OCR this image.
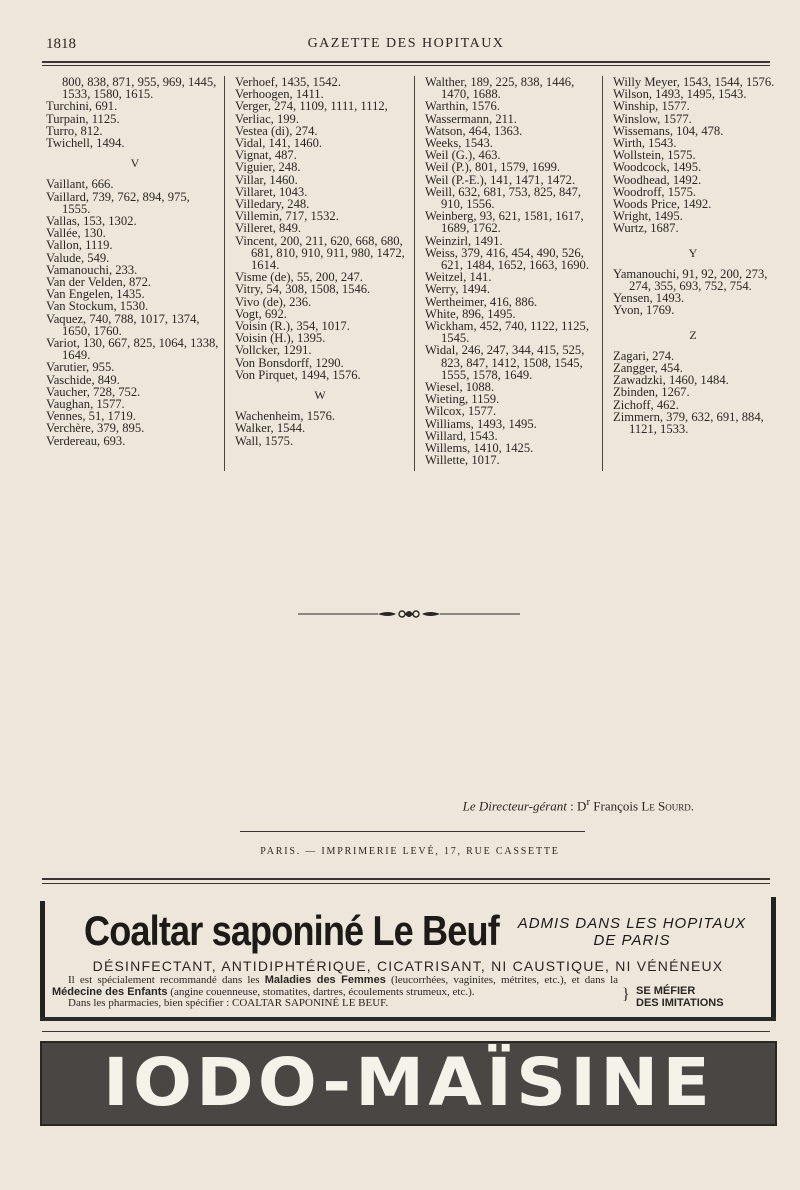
1818	GAZETTE DES HOPITAUX
800, 838, 871, 955, 969, 1445,
1533, 1580, 1615.
Turchini, 691.
Turpain, 1125.
Turro, 812.
Twichell, 1494.
V
Vaillant, 666.
Vaillard, 739, 762, 894, 975,
1555.
Vallas, 153, 1302.
Vallée, 130.
Vallon, 1119.
Valude, 549.
Vamanouchi, 233.
Van der Velden, 872.
Van Engelen, 1435.
Van Stockum, 1530.
Vaquez, 740, 788, 1017, 1374,
1650, 1760.
Variot, 130, 667, 825, 1064, 1338,
1649.
Varutier, 955.
Vaschide, 849.
Vaucher, 728, 752.
Vaughan, 1577.
Vennes, 51, 1719.
Verchère, 379, 895.
Verdereau, 693.
Verhoef, 1435, 1542.
Verhoogen, 1411.
Verger, 274, 1109, 1111, 1112,
Verliac, 199.
Vestea (di), 274.
Vidal, 141, 1460.
Vignat, 487.
Viguier, 248.
Villar, 1460.
Villaret, 1043.
Villedary, 248.
Villemin, 717, 1532.
Villeret, 849.
Vincent, 200, 211, 620, 668, 680,
681, 810, 910, 911, 980, 1472,
1614.
Visme (de), 55, 200, 247.
Vitry, 54, 308, 1508, 1546.
Vivo (de), 236.
Vogt, 692.
Voisin (R.), 354, 1017.
Voisin (H.), 1395.
Vollcker, 1291.
Von Bonsdorff, 1290.
Von Pirquet, 1494, 1576.
W
Wachenheim, 1576.
Walker, 1544.
Wall, 1575.
Walther, 189, 225, 838, 1446,
1470, 1688.
Warthin, 1576.
Wassermann, 211.
Watson, 464, 1363.
Weeks, 1543.
Weil (G.), 463.
Weil (P.), 801, 1579, 1699.
Weil (P.-E.), 141, 1471, 1472.
Weill, 632, 681, 753, 825, 847,
910, 1556.
Weinberg, 93, 621, 1581, 1617,
1689, 1762.
Weinzirl, 1491.
Weiss, 379, 416, 454, 490, 526,
621, 1484, 1652, 1663, 1690.
Weitzel, 141.
Werry, 1494.
Wertheimer, 416, 886.
White, 896, 1495.
Wickham, 452, 740, 1122, 1125,
1545.
Widal, 246, 247, 344, 415, 525,
823, 847, 1412, 1508, 1545,
1555, 1578, 1649.
Wiesel, 1088.
Wieting, 1159.
Wilcox, 1577.
Williams, 1493, 1495.
Willard, 1543.
Willems, 1410, 1425.
Willette, 1017.
Willy Meyer, 1543, 1544, 1576.
Wilson, 1493, 1495, 1543.
Winship, 1577.
Winslow, 1577.
Wissemans, 104, 478.
Wirth, 1543.
Wollstein, 1575.
Woodcock, 1495.
Woodhead, 1492.
Woodroff, 1575.
Woods Price, 1492.
Wright, 1495.
Wurtz, 1687.
Y
Yamanouchi, 91, 92, 200, 273,
274, 355, 693, 752, 754.
Yensen, 1493.
Yvon, 1769.
Z
Zagari, 274.
Zangger, 454.
Zawadzki, 1460, 1484.
Zbinden, 1267.
Zichoff, 462.
Zimmern, 379, 632, 691, 884,
1121, 1533.
Le Directeur-gérant : $D^r$ François Le Sourd.
PARIS. — IMPRIMERIE LEVÉ, 17, RUE CASSETTE
Coaltar saponiné Le Beuf	ADMIS DANS LES HOPITAUX
DE PARIS
DÉSINFECTANT, ANTIDIPHTÉRIQUE, CICATRISANT, NI CAUSTIQUE, NI VÉNÉNEUX
Il est spécialement recommandé dans les Maladies des Femmes (leucorrhées, vaginites, métrites, etc.), et dans la Médecine des Enfants (angine couenneuse, stomatites, dartres, écoulements strumeux, etc.).
Dans les pharmacies, bien spécifier : COALTAR SAPONINÉ LE BEUF.	} SE MÉFIER
DES IMITATIONS
IODO-MAÏSINE
